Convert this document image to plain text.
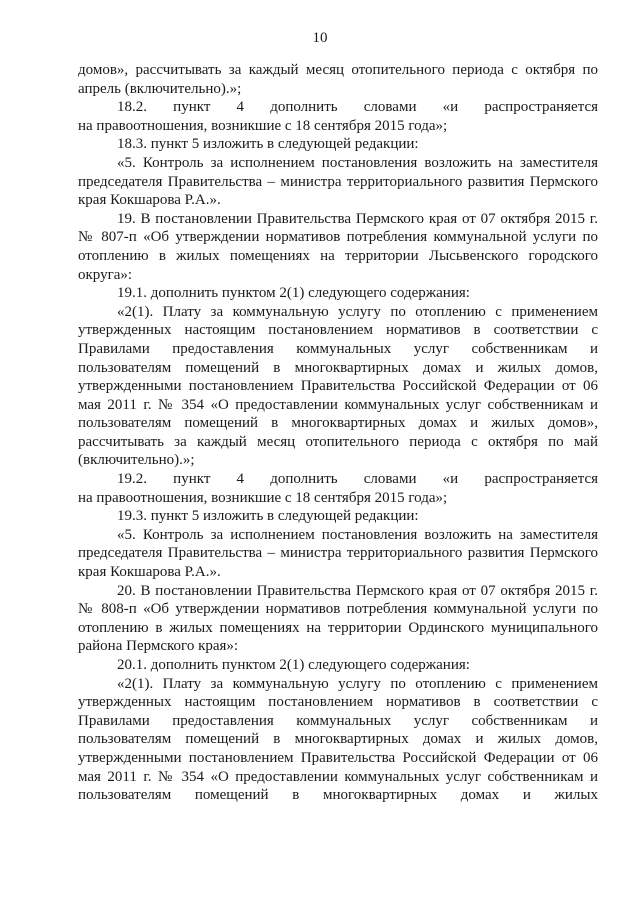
10

домов», рассчитывать за каждый месяц отопительного периода с октября по апрель (включительно).»;

18.2. пункт 4 дополнить словами «и распространяется

на правоотношения, возникшие с 18 сентября 2015 года»;

18.3. пункт 5 изложить в следующей редакции:

«5. Контроль за исполнением постановления возложить на заместителя председателя Правительства – министра территориального развития Пермского края Кокшарова Р.А.».

19. В постановлении Правительства Пермского края от 07 октября 2015 г. № 807-п «Об утверждении нормативов потребления коммунальной услуги по отоплению в жилых помещениях на территории Лысьвенского городского округа»:

19.1. дополнить пунктом 2(1) следующего содержания:

«2(1). Плату за коммунальную услугу по отоплению с применением утвержденных настоящим постановлением нормативов в соответствии с Правилами предоставления коммунальных услуг собственникам и пользователям помещений в многоквартирных домах и жилых домов, утвержденными постановлением Правительства Российской Федерации от 06 мая 2011 г. № 354 «О предоставлении коммунальных услуг собственникам и пользователям помещений в многоквартирных домах и жилых домов», рассчитывать за каждый месяц отопительного периода с октября по май (включительно).»;

19.2. пункт 4 дополнить словами «и распространяется

на правоотношения, возникшие с 18 сентября 2015 года»;

19.3. пункт 5 изложить в следующей редакции:

«5. Контроль за исполнением постановления возложить на заместителя председателя Правительства – министра территориального развития Пермского края Кокшарова Р.А.».

20. В постановлении Правительства Пермского края от 07 октября 2015 г. № 808-п «Об утверждении нормативов потребления коммунальной услуги по отоплению в жилых помещениях на территории Ординского муниципального района Пермского края»:

20.1. дополнить пунктом 2(1) следующего содержания:

«2(1). Плату за коммунальную услугу по отоплению с применением утвержденных настоящим постановлением нормативов в соответствии с Правилами предоставления коммунальных услуг собственникам и пользователям помещений в многоквартирных домах и жилых домов, утвержденными постановлением Правительства Российской Федерации от 06 мая 2011 г. № 354 «О предоставлении коммунальных услуг собственникам и пользователям помещений в многоквартирных домах и жилых
